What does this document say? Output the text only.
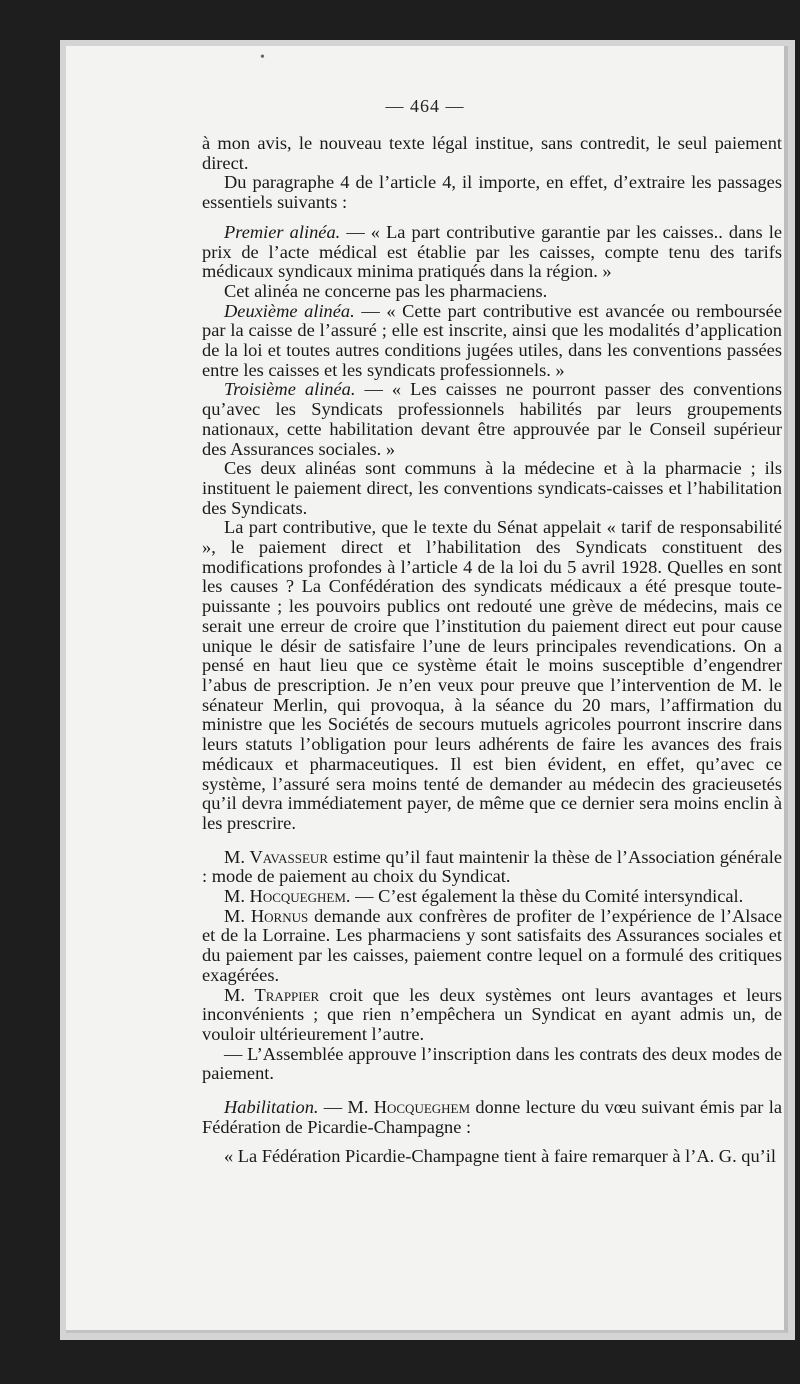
•
— 464 —

à mon avis, le nouveau texte légal institue, sans contredit, le seul paiement direct.

Du paragraphe 4 de l’article 4, il importe, en effet, d’extraire les passages essentiels suivants :

Premier alinéa. — « La part contributive garantie par les caisses.. dans le prix de l’acte médical est établie par les caisses, compte tenu des tarifs médicaux syndicaux minima pratiqués dans la région. »

Cet alinéa ne concerne pas les pharmaciens.

Deuxième alinéa. — « Cette part contributive est avancée ou remboursée par la caisse de l’assuré ; elle est inscrite, ainsi que les modalités d’application de la loi et toutes autres conditions jugées utiles, dans les conventions passées entre les caisses et les syndicats professionnels. »

Troisième alinéa. — « Les caisses ne pourront passer des conventions qu’avec les Syndicats professionnels habilités par leurs groupements nationaux, cette habilitation devant être approuvée par le Conseil supérieur des Assurances sociales. »

Ces deux alinéas sont communs à la médecine et à la pharmacie ; ils instituent le paiement direct, les conventions syndicats-caisses et l’habilitation des Syndicats.

La part contributive, que le texte du Sénat appelait « tarif de responsabilité », le paiement direct et l’habilitation des Syndicats constituent des modifications profondes à l’article 4 de la loi du 5 avril 1928. Quelles en sont les causes ? La Confédération des syndicats médicaux a été presque toute-puissante ; les pouvoirs publics ont redouté une grève de médecins, mais ce serait une erreur de croire que l’institution du paiement direct eut pour cause unique le désir de satisfaire l’une de leurs principales revendications. On a pensé en haut lieu que ce système était le moins susceptible d’engendrer l’abus de prescription. Je n’en veux pour preuve que l’intervention de M. le sénateur Merlin, qui provoqua, à la séance du 20 mars, l’affirmation du ministre que les Sociétés de secours mutuels agricoles pourront inscrire dans leurs statuts l’obligation pour leurs adhérents de faire les avances des frais médicaux et pharmaceutiques. Il est bien évident, en effet, qu’avec ce système, l’assuré sera moins tenté de demander au médecin des gracieusetés qu’il devra immédiatement payer, de même que ce dernier sera moins enclin à les prescrire.

M. Vavasseur estime qu’il faut maintenir la thèse de l’Association générale : mode de paiement au choix du Syndicat.

M. Hocqueghem. — C’est également la thèse du Comité intersyndical.

M. Hornus demande aux confrères de profiter de l’expérience de l’Alsace et de la Lorraine. Les pharmaciens y sont satisfaits des Assurances sociales et du paiement par les caisses, paiement contre lequel on a formulé des critiques exagérées.

M. Trappier croit que les deux systèmes ont leurs avantages et leurs inconvénients ; que rien n’empêchera un Syndicat en ayant admis un, de vouloir ultérieurement l’autre.

— L’Assemblée approuve l’inscription dans les contrats des deux modes de paiement.

Habilitation. — M. Hocqueghem donne lecture du vœu suivant émis par la Fédération de Picardie-Champagne :

« La Fédération Picardie-Champagne tient à faire remarquer à l’A. G. qu’il
